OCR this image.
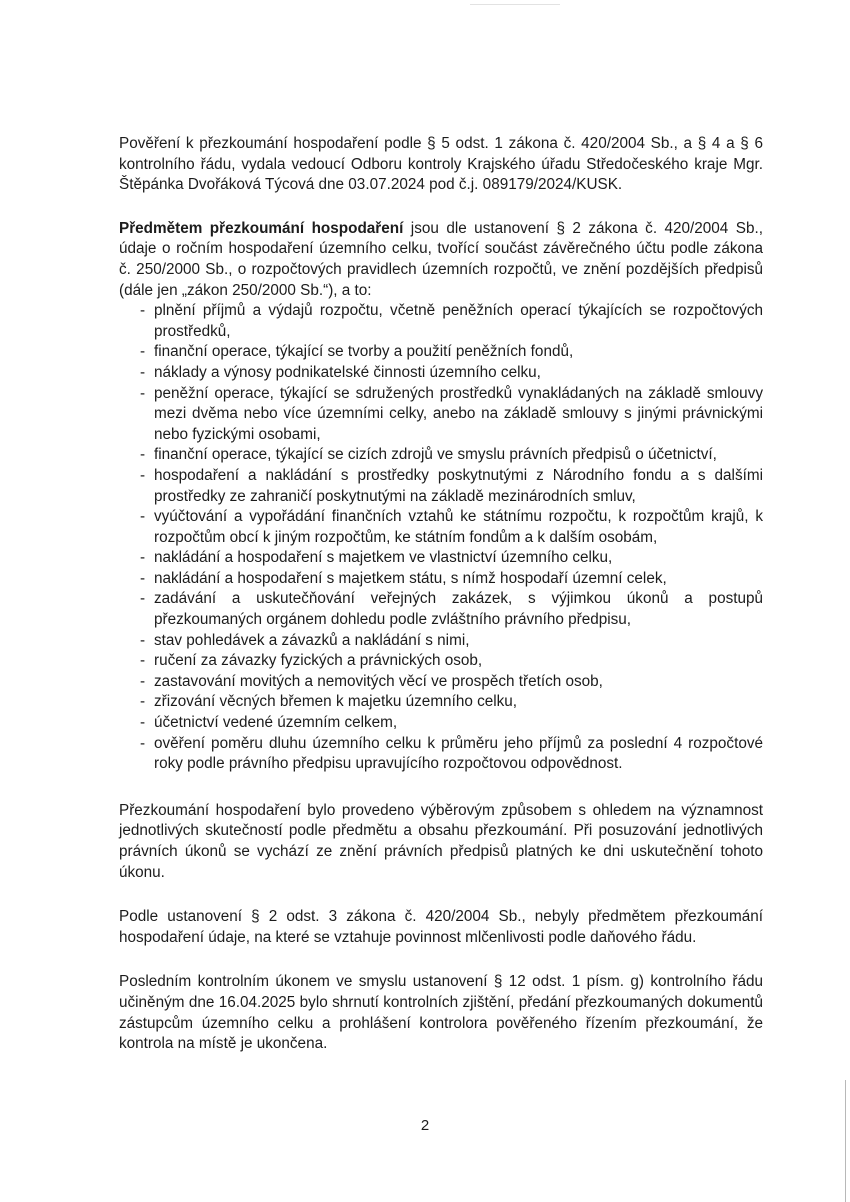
Pověření k přezkoumání hospodaření podle § 5 odst. 1 zákona č. 420/2004 Sb., a § 4 a § 6 kontrolního řádu, vydala vedoucí Odboru kontroly Krajského úřadu Středočeského kraje Mgr. Štěpánka Dvořáková Týcová dne 03.07.2024 pod č.j. 089179/2024/KUSK.

Předmětem přezkoumání hospodaření jsou dle ustanovení § 2 zákona č. 420/2004 Sb., údaje o ročním hospodaření územního celku, tvořící součást závěrečného účtu podle zákona č. 250/2000 Sb., o rozpočtových pravidlech územních rozpočtů, ve znění pozdějších předpisů (dále jen „zákon 250/2000 Sb.“), a to:

- plnění příjmů a výdajů rozpočtu, včetně peněžních operací týkajících se rozpočtových prostředků,
- finanční operace, týkající se tvorby a použití peněžních fondů,
- náklady a výnosy podnikatelské činnosti územního celku,
- peněžní operace, týkající se sdružených prostředků vynakládaných na základě smlouvy mezi dvěma nebo více územními celky, anebo na základě smlouvy s jinými právnickými nebo fyzickými osobami,
- finanční operace, týkající se cizích zdrojů ve smyslu právních předpisů o účetnictví,
- hospodaření a nakládání s prostředky poskytnutými z Národního fondu a s dalšími prostředky ze zahraničí poskytnutými na základě mezinárodních smluv,
- vyúčtování a vypořádání finančních vztahů ke státnímu rozpočtu, k rozpočtům krajů, k rozpočtům obcí k jiným rozpočtům, ke státním fondům a k dalším osobám,
- nakládání a hospodaření s majetkem ve vlastnictví územního celku,
- nakládání a hospodaření s majetkem státu, s nímž hospodaří územní celek,
- zadávání a uskutečňování veřejných zakázek, s výjimkou úkonů a postupů přezkoumaných orgánem dohledu podle zvláštního právního předpisu,
- stav pohledávek a závazků a nakládání s nimi,
- ručení za závazky fyzických a právnických osob,
- zastavování movitých a nemovitých věcí ve prospěch třetích osob,
- zřizování věcných břemen k majetku územního celku,
- účetnictví vedené územním celkem,
- ověření poměru dluhu územního celku k průměru jeho příjmů za poslední 4 rozpočtové roky podle právního předpisu upravujícího rozpočtovou odpovědnost.

Přezkoumání hospodaření bylo provedeno výběrovým způsobem s ohledem na významnost jednotlivých skutečností podle předmětu a obsahu přezkoumání. Při posuzování jednotlivých právních úkonů se vychází ze znění právních předpisů platných ke dni uskutečnění tohoto úkonu.

Podle ustanovení § 2 odst. 3 zákona č. 420/2004 Sb., nebyly předmětem přezkoumání hospodaření údaje, na které se vztahuje povinnost mlčenlivosti podle daňového řádu.

Posledním kontrolním úkonem ve smyslu ustanovení § 12 odst. 1 písm. g) kontrolního řádu učiněným dne 16.04.2025 bylo shrnutí kontrolních zjištění, předání přezkoumaných dokumentů zástupcům územního celku a prohlášení kontrolora pověřeného řízením přezkoumání, že kontrola na místě je ukončena.

2
